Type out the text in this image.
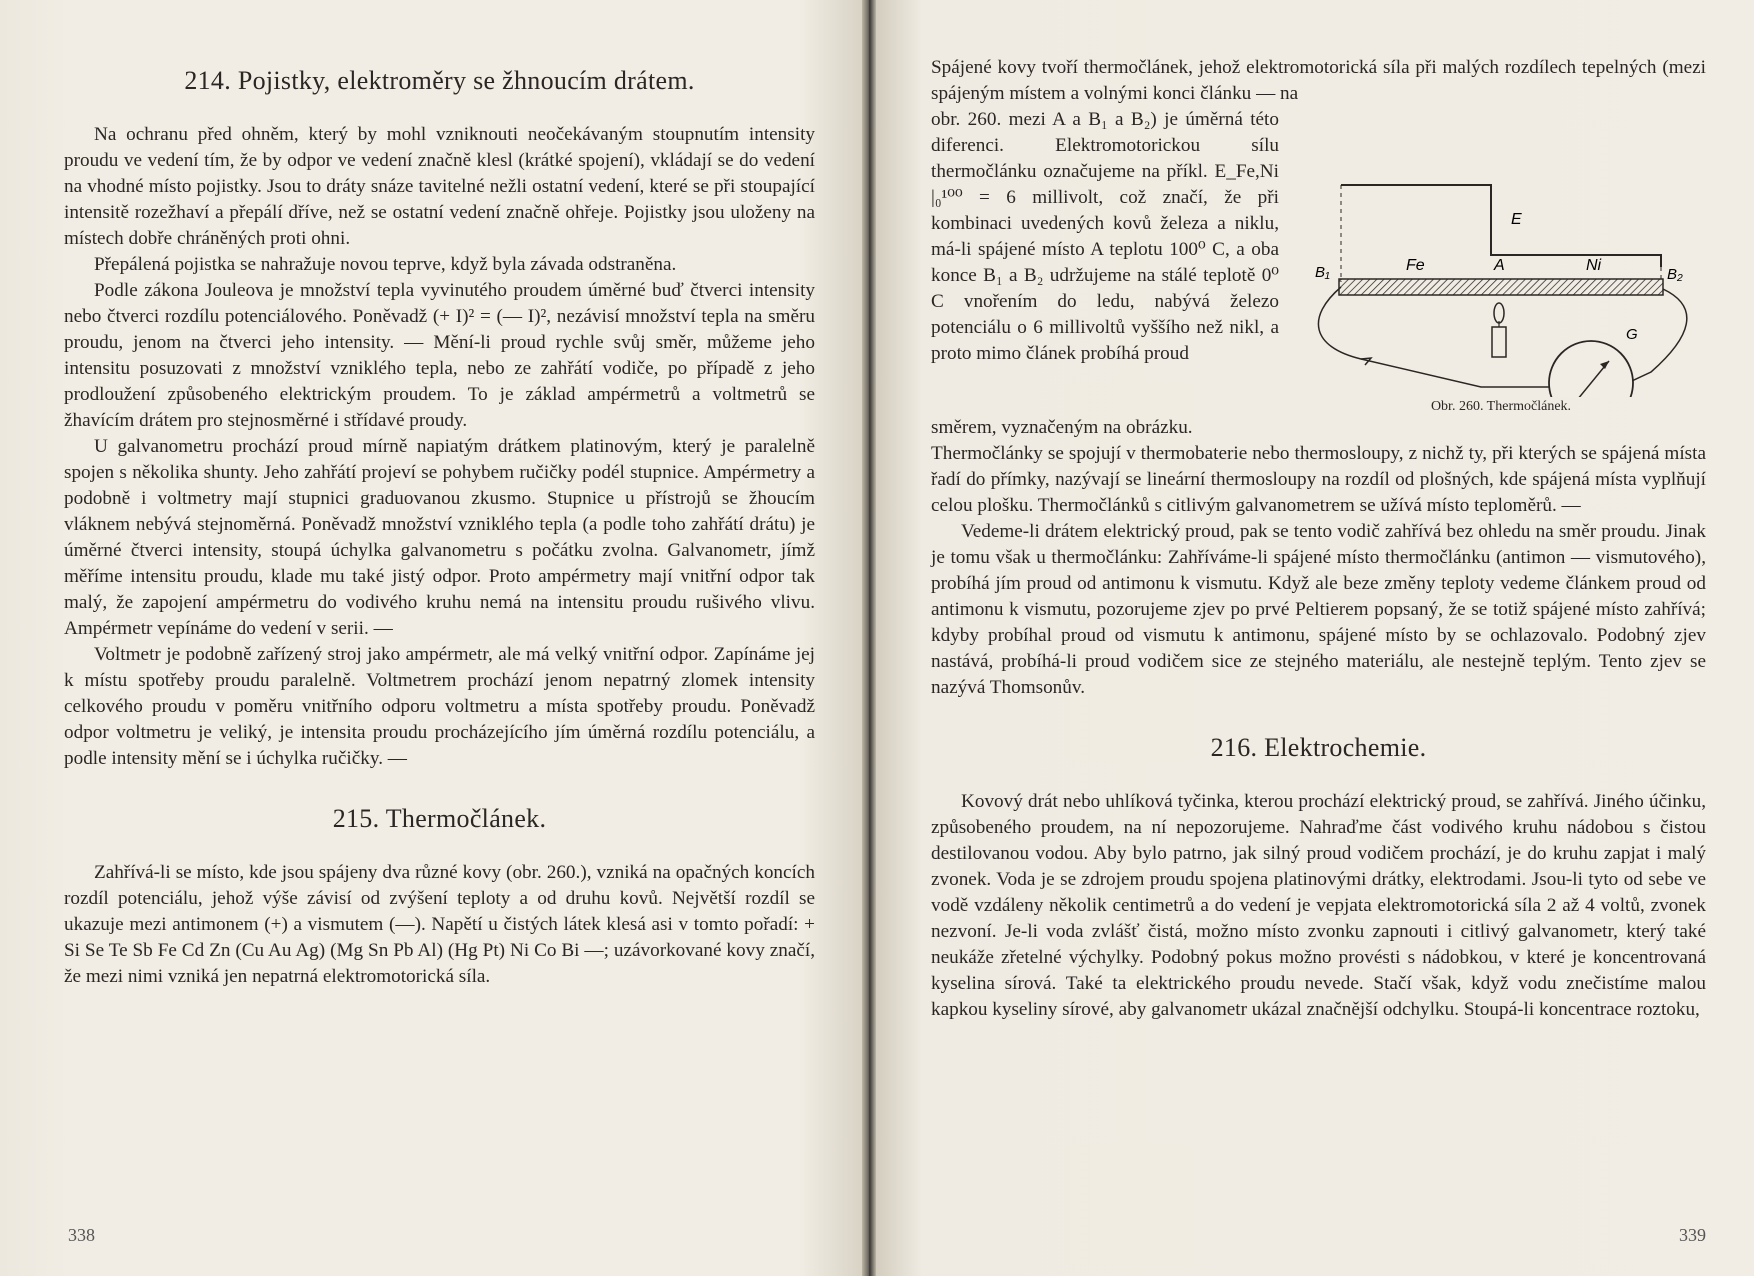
214. Pojistky, elektroměry se žhnoucím drátem.

Na ochranu před ohněm, který by mohl vzniknouti neočekávaným stoupnutím intensity proudu ve vedení tím, že by odpor ve vedení značně klesl (krátké spojení), vkládají se do vedení na vhodné místo pojistky. Jsou to dráty snáze tavitelné nežli ostatní vedení, které se při stoupající intensitě rozežhaví a přepálí dříve, než se ostatní vedení značně ohřeje. Pojistky jsou uloženy na místech dobře chráněných proti ohni.

Přepálená pojistka se nahražuje novou teprve, když byla závada odstraněna.

Podle zákona Jouleova je množství tepla vyvinutého proudem úměrné buď čtverci intensity nebo čtverci rozdílu potenciálového. Poněvadž (+ I)² = (— I)², nezávisí množství tepla na směru proudu, jenom na čtverci jeho intensity. — Mění-li proud rychle svůj směr, můžeme jeho intensitu posuzovati z množství vzniklého tepla, nebo ze zahřátí vodiče, po případě z jeho prodloužení způsobeného elektrickým proudem. To je základ ampérmetrů a voltmetrů se žhavícím drátem pro stejnosměrné i střídavé proudy.

U galvanometru prochází proud mírně napiatým drátkem platinovým, který je paralelně spojen s několika shunty. Jeho zahřátí projeví se pohybem ručičky podél stupnice. Ampérmetry a podobně i voltmetry mají stupnici graduovanou zkusmo. Stupnice u přístrojů se žhoucím vláknem nebývá stejnoměrná. Poněvadž množství vzniklého tepla (a podle toho zahřátí drátu) je úměrné čtverci intensity, stoupá úchylka galvanometru s počátku zvolna. Galvanometr, jímž měříme intensitu proudu, klade mu také jistý odpor. Proto ampérmetry mají vnitřní odpor tak malý, že zapojení ampérmetru do vodivého kruhu nemá na intensitu proudu rušivého vlivu. Ampérmetr vepínáme do vedení v serii. —

Voltmetr je podobně zařízený stroj jako ampérmetr, ale má velký vnitřní odpor. Zapínáme jej k místu spotřeby proudu paralelně. Voltmetrem prochází jenom nepatrný zlomek intensity celkového proudu v poměru vnitřního odporu voltmetru a místa spotřeby proudu. Poněvadž odpor voltmetru je veliký, je intensita proudu procházejícího jím úměrná rozdílu potenciálu, a podle intensity mění se i úchylka ručičky. —

215. Thermočlánek.

Zahřívá-li se místo, kde jsou spájeny dva různé kovy (obr. 260.), vzniká na opačných koncích rozdíl potenciálu, jehož výše závisí od zvýšení teploty a od druhu kovů. Největší rozdíl se ukazuje mezi antimonem (+) a vismutem (—). Napětí u čistých látek klesá asi v tomto pořadí: + Si Se Te Sb Fe Cd Zn (Cu Au Ag) (Mg Sn Pb Al) (Hg Pt) Ni Co Bi —; uzávorkované kovy značí, že mezi nimi vzniká jen nepatrná elektromotorická síla.

338

Spájené kovy tvoří thermočlánek, jehož elektromotorická síla při malých rozdílech tepelných (mezi spájeným místem a volnými konci článku — na

obr. 260. mezi A a B₁ a B₂) je úměrná této diferenci. Elektromotorickou sílu thermočlánku označujeme na příkl. E_Fe,Ni |₀¹⁰⁰ = 6 millivolt, což značí, že při kombinaci uvedených kovů železa a niklu, má-li spájené místo A teplotu 100⁰ C, a oba konce B₁ a B₂ udržujeme na stálé teplotě 0⁰ C vnořením do ledu, nabývá železo potenciálu o 6 millivoltů vyššího než nikl, a proto mimo článek probíhá proud

E
Fe	A	Ni
B₁	B₂
G
Obr. 260. Thermočlánek.

směrem, vyznačeným na obrázku.

Thermočlánky se spojují v thermobaterie nebo thermosloupy, z nichž ty, při kterých se spájená místa řadí do přímky, nazývají se lineární thermosloupy na rozdíl od plošných, kde spájená místa vyplňují celou plošku. Thermočlánků s citlivým galvanometrem se užívá místo teploměrů. —

Vedeme-li drátem elektrický proud, pak se tento vodič zahřívá bez ohledu na směr proudu. Jinak je tomu však u thermočlánku: Zahříváme-li spájené místo thermočlánku (antimon — vismutového), probíhá jím proud od antimonu k vismutu. Když ale beze změny teploty vedeme článkem proud od antimonu k vismutu, pozorujeme zjev po prvé Peltierem popsaný, že se totiž spájené místo zahřívá; kdyby probíhal proud od vismutu k antimonu, spájené místo by se ochlazovalo. Podobný zjev nastává, probíhá-li proud vodičem sice ze stejného materiálu, ale nestejně teplým. Tento zjev se nazývá Thomsonův.

216. Elektrochemie.

Kovový drát nebo uhlíková tyčinka, kterou prochází elektrický proud, se zahřívá. Jiného účinku, způsobeného proudem, na ní nepozorujeme. Nahraďme část vodivého kruhu nádobou s čistou destilovanou vodou. Aby bylo patrno, jak silný proud vodičem prochází, je do kruhu zapjat i malý zvonek. Voda je se zdrojem proudu spojena platinovými drátky, elektrodami. Jsou-li tyto od sebe ve vodě vzdáleny několik centimetrů a do vedení je vepjata elektromotorická síla 2 až 4 voltů, zvonek nezvoní. Je-li voda zvlášť čistá, možno místo zvonku zapnouti i citlivý galvanometr, který také neukáže zřetelné výchylky. Podobný pokus možno provésti s nádobkou, v které je koncentrovaná kyselina sírová. Také ta elektrického proudu nevede. Stačí však, když vodu znečistíme malou kapkou kyseliny sírové, aby galvanometr ukázal značnější odchylku. Stoupá-li koncentrace roztoku,

339
